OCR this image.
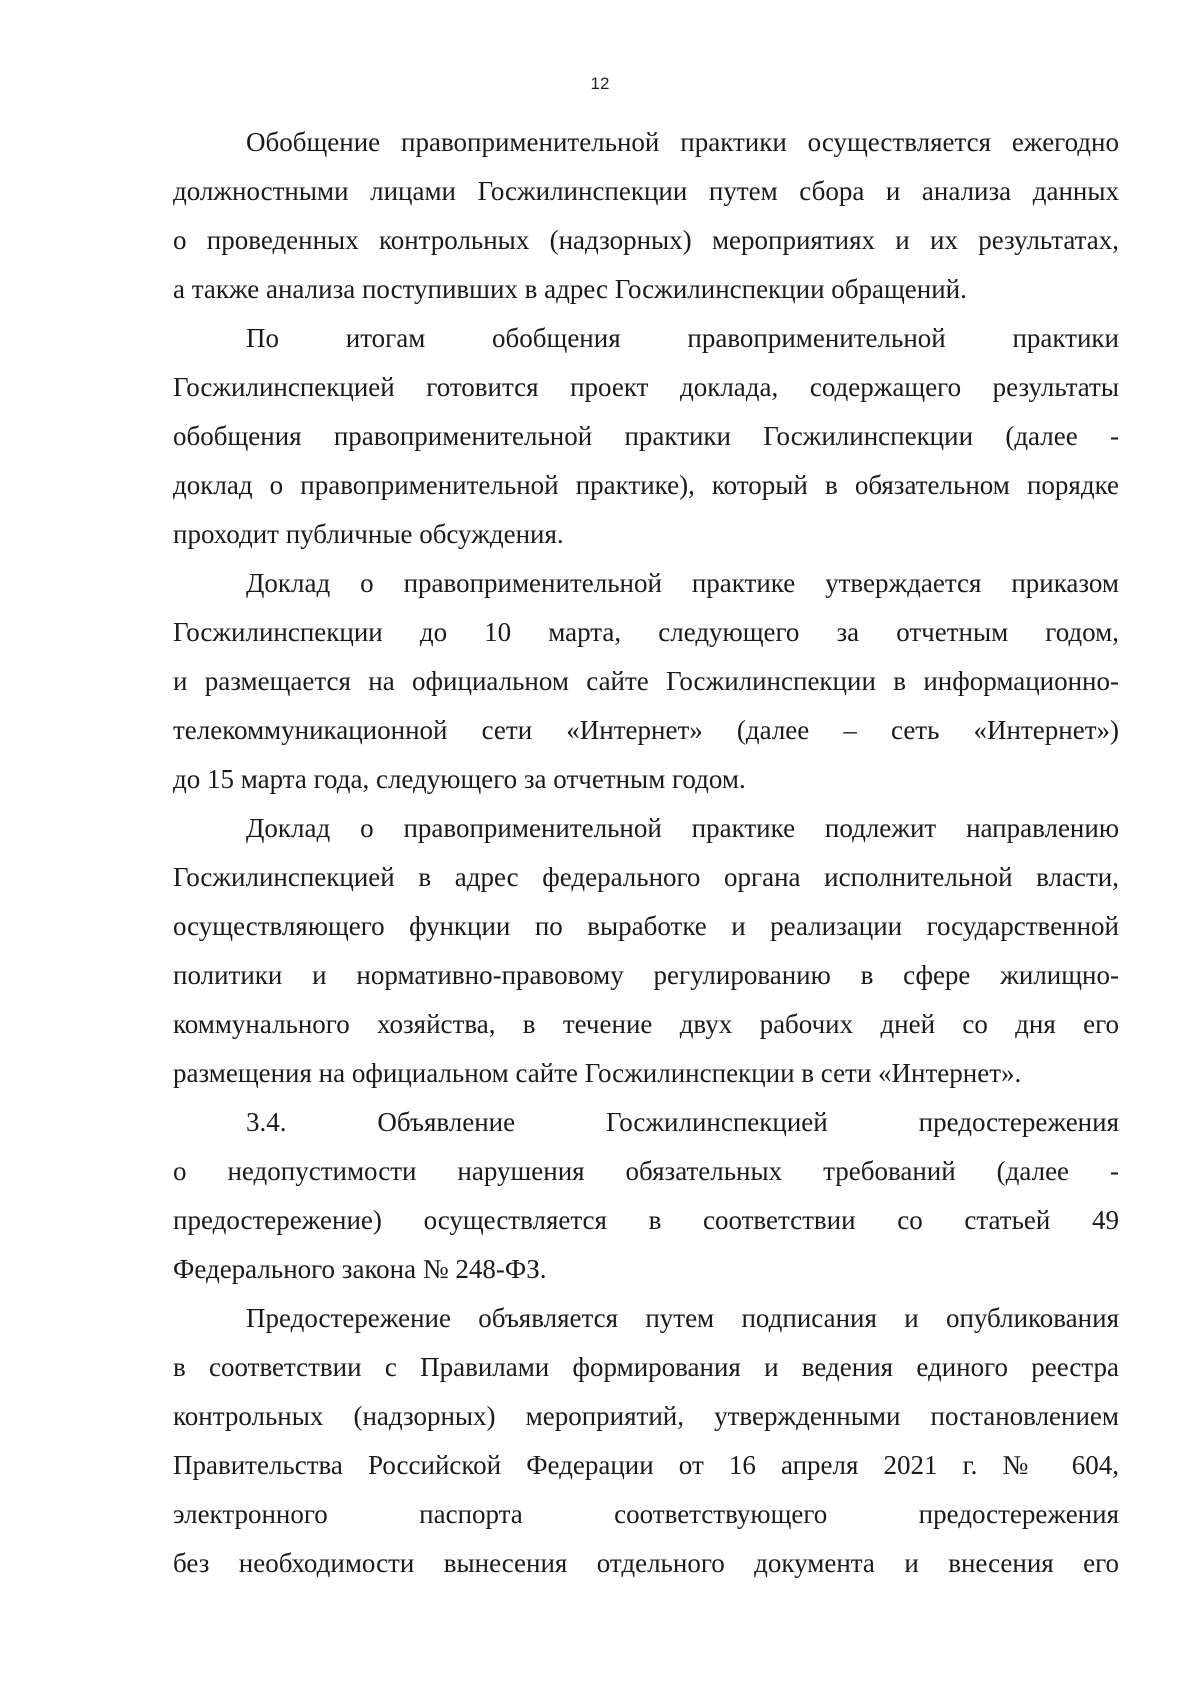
12

Обобщение правоприменительной практики осуществляется ежегодно
должностными лицами Госжилинспекции путем сбора и анализа данных
о проведенных контрольных (надзорных) мероприятиях и их результатах,
а также анализа поступивших в адрес Госжилинспекции обращений.

По итогам обобщения правоприменительной практики
Госжилинспекцией готовится проект доклада, содержащего результаты
обобщения правоприменительной практики Госжилинспекции (далее -
доклад о правоприменительной практике), который в обязательном порядке
проходит публичные обсуждения.

Доклад о правоприменительной практике утверждается приказом
Госжилинспекции до 10 марта, следующего за отчетным годом,
и размещается на официальном сайте Госжилинспекции в информационно-
телекоммуникационной сети «Интернет» (далее – сеть «Интернет»)
до 15 марта года, следующего за отчетным годом.

Доклад о правоприменительной практике подлежит направлению
Госжилинспекцией в адрес федерального органа исполнительной власти,
осуществляющего функции по выработке и реализации государственной
политики и нормативно-правовому регулированию в сфере жилищно-
коммунального хозяйства, в течение двух рабочих дней со дня его
размещения на официальном сайте Госжилинспекции в сети «Интернет».

3.4. Объявление Госжилинспекцией предостережения
о недопустимости нарушения обязательных требований (далее -
предостережение) осуществляется в соответствии со статьей 49
Федерального закона № 248-ФЗ.

Предостережение объявляется путем подписания и опубликования
в соответствии с Правилами формирования и ведения единого реестра
контрольных (надзорных) мероприятий, утвержденными постановлением
Правительства Российской Федерации от 16 апреля 2021 г. № 604,
электронного паспорта соответствующего предостережения
без необходимости вынесения отдельного документа и внесения его
